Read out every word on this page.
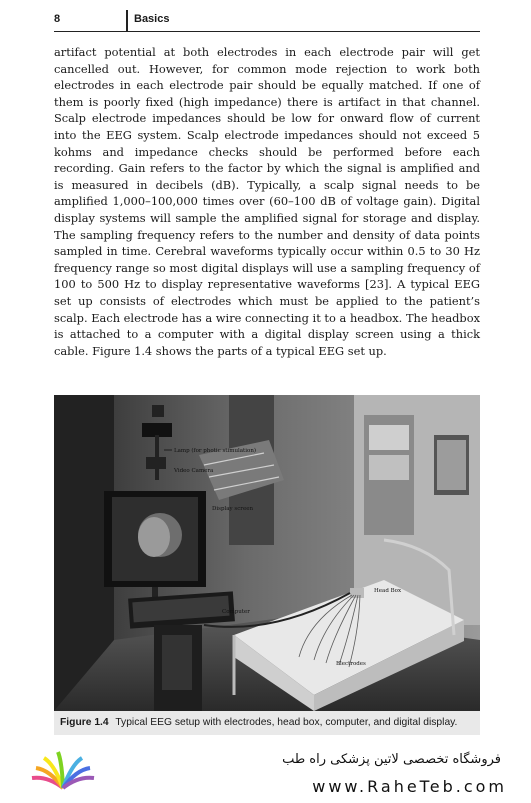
8	Basics
artifact potential at both electrodes in each electrode pair will get cancelled out. However, for common mode rejection to work both electrodes in each electrode pair should be equally matched. If one of them is poorly fixed (high impedance) there is artifact in that channel. Scalp electrode impedances should be low for onward flow of current into the EEG system. Scalp electrode impedances should not exceed 5 kohms and impedance checks should be performed before each recording. Gain refers to the factor by which the signal is amplified and is measured in decibels (dB). Typically, a scalp signal needs to be amplified 1,000–100,000 times over (60–100 dB of voltage gain). Digital display systems will sample the amplified signal for storage and display. The sampling frequency refers to the number and density of data points sampled in time. Cerebral waveforms typically occur within 0.5 to 30 Hz frequency range so most digital displays will use a sampling frequency of 100 to 500 Hz to display representative waveforms [23]. A typical EEG set up consists of electrodes which must be applied to the patient’s scalp. Each electrode has a wire connecting it to a headbox. The headbox is attached to a computer with a digital display screen using a thick cable. Figure 1.4 shows the parts of a typical EEG set up.
Lamp (for photic stimulation)
Video Camera
Display screen
Head Box
Computer
Electrodes
Figure 1.4 Typical EEG setup with electrodes, head box, computer, and digital display.
فروشگاه تخصصی لاتین پزشکی راه طب
www.RaheTeb.com
